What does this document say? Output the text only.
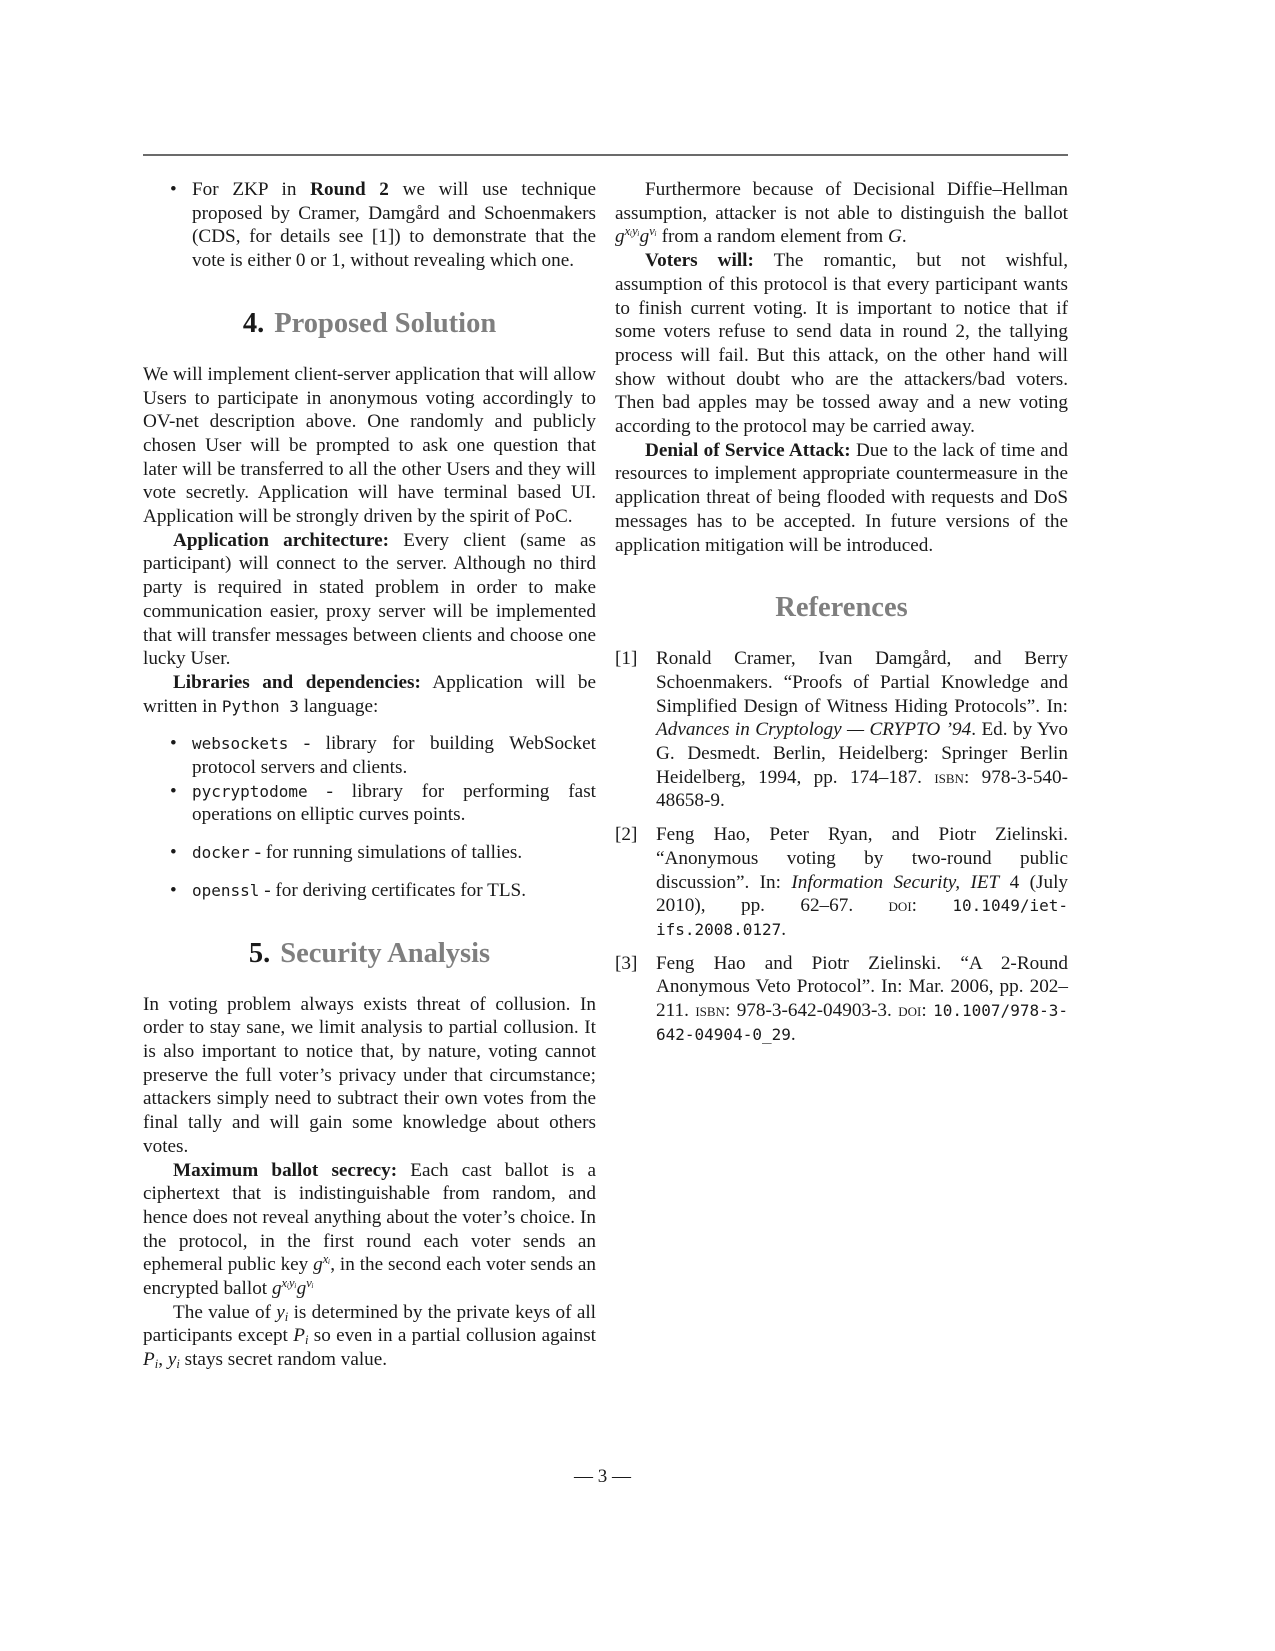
• For ZKP in Round 2 we will use technique proposed by Cramer, Damgård and Schoenmakers (CDS, for details see [1]) to demonstrate that the vote is either 0 or 1, without revealing which one.
4. Proposed Solution

We will implement client-server application that will allow Users to participate in anonymous voting accordingly to OV-net description above. One randomly and publicly chosen User will be prompted to ask one question that later will be transferred to all the other Users and they will vote secretly. Application will have terminal based UI. Application will be strongly driven by the spirit of PoC.

Application architecture: Every client (same as participant) will connect to the server. Although no third party is required in stated problem in order to make communication easier, proxy server will be implemented that will transfer messages between clients and choose one lucky User.

Libraries and dependencies: Application will be written in Python 3 language:

• websockets - library for building WebSocket protocol servers and clients.
• pycryptodome - library for performing fast operations on elliptic curves points.
• docker - for running simulations of tallies.
• openssl - for deriving certificates for TLS.
5. Security Analysis

In voting problem always exists threat of collusion. In order to stay sane, we limit analysis to partial collusion. It is also important to notice that, by nature, voting cannot preserve the full voter’s privacy under that circumstance; attackers simply need to subtract their own votes from the final tally and will gain some knowledge about others votes.

Maximum ballot secrecy: Each cast ballot is a ciphertext that is indistinguishable from random, and hence does not reveal anything about the voter’s choice. In the protocol, in the first round each voter sends an ephemeral public key $g^{xᵢ}$, in the second each voter sends an encrypted ballot $g^{xᵢyᵢ}g^{vᵢ}$

The value of $y_i$ is determined by the private keys of all participants except $P_i$ so even in a partial collusion against $P_i$, $y_i$ stays secret random value.

Furthermore because of Decisional Diffie–Hellman assumption, attacker is not able to distinguish the ballot $g^{xᵢyᵢ}g^{vᵢ}$ from a random element from G.

Voters will: The romantic, but not wishful, assumption of this protocol is that every participant wants to finish current voting. It is important to notice that if some voters refuse to send data in round 2, the tallying process will fail. But this attack, on the other hand will show without doubt who are the attackers/bad voters. Then bad apples may be tossed away and a new voting according to the protocol may be carried away.

Denial of Service Attack: Due to the lack of time and resources to implement appropriate countermeasure in the application threat of being flooded with requests and DoS messages has to be accepted. In future versions of the application mitigation will be introduced.

References
[1] Ronald Cramer, Ivan Damgård, and Berry Schoenmakers. “Proofs of Partial Knowledge and Simplified Design of Witness Hiding Protocols”. In: Advances in Cryptology — CRYPTO ’94. Ed. by Yvo G. Desmedt. Berlin, Heidelberg: Springer Berlin Heidelberg, 1994, pp. 174–187. isbn: 978-3-540-48658-9.
[2] Feng Hao, Peter Ryan, and Piotr Zielinski. “Anonymous voting by two-round public discussion”. In: Information Security, IET 4 (July 2010), pp. 62–67. doi: 10.1049/iet-ifs.2008.0127.
[3] Feng Hao and Piotr Zielinski. “A 2-Round Anonymous Veto Protocol”. In: Mar. 2006, pp. 202–211. isbn: 978-3-642-04903-3. doi: 10.1007/978-3-642-04904-0_29.
— 3 —
